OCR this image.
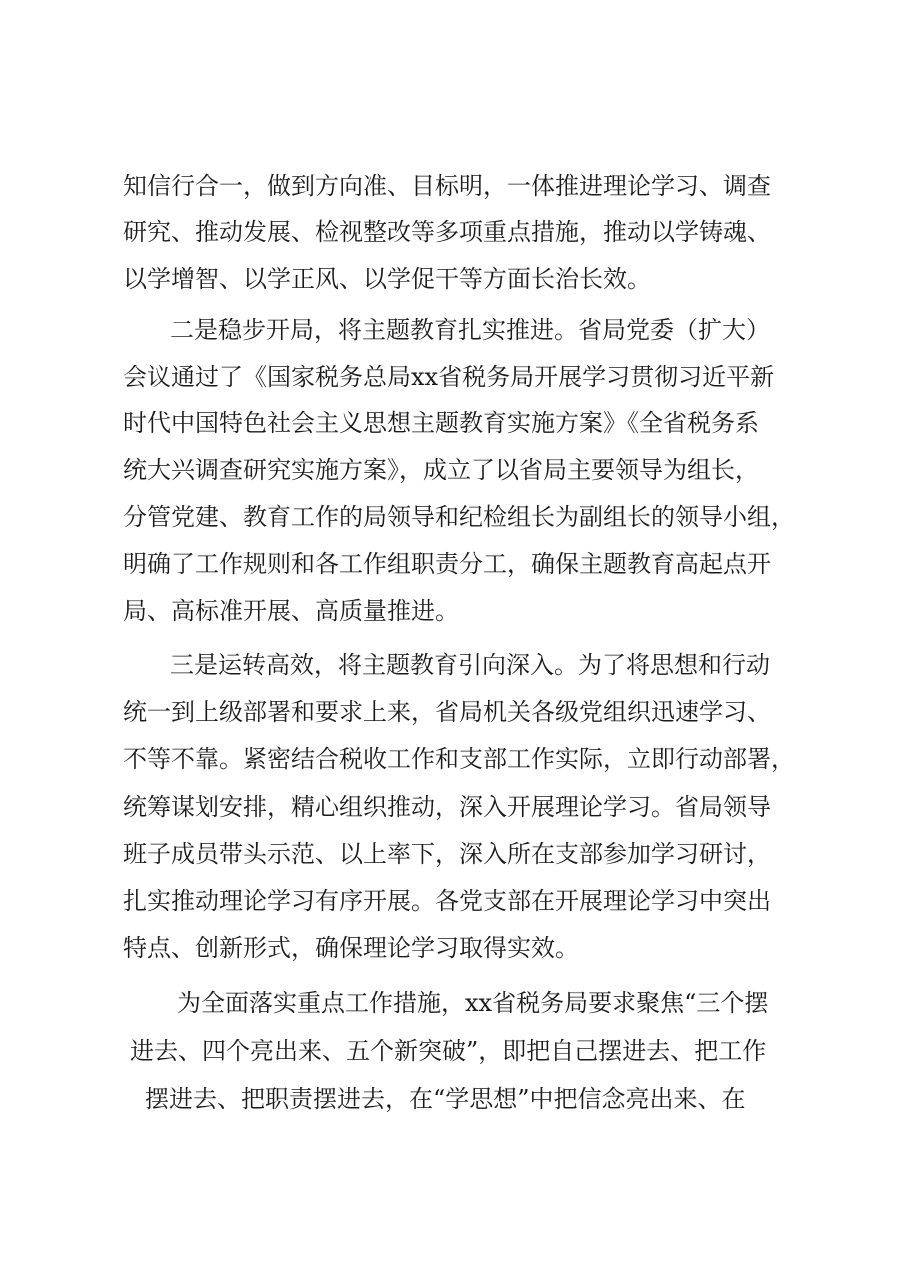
知信行合一，做到方向准、目标明，一体推进理论学习、调查
研究、推动发展、检视整改等多项重点措施，推动以学铸魂、
以学增智、以学正风、以学促干等方面长治长效。
二是稳步开局，将主题教育扎实推进。省局党委（扩大）
会议通过了《国家税务总局xx省税务局开展学习贯彻习近平新
时代中国特色社会主义思想主题教育实施方案》《全省税务系
统大兴调查研究实施方案》，成立了以省局主要领导为组长，
分管党建、教育工作的局领导和纪检组长为副组长的领导小组，
明确了工作规则和各工作组职责分工，确保主题教育高起点开
局、高标准开展、高质量推进。
三是运转高效，将主题教育引向深入。为了将思想和行动
统一到上级部署和要求上来，省局机关各级党组织迅速学习、
不等不靠。紧密结合税收工作和支部工作实际，立即行动部署，
统筹谋划安排，精心组织推动，深入开展理论学习。省局领导
班子成员带头示范、以上率下，深入所在支部参加学习研讨，
扎实推动理论学习有序开展。各党支部在开展理论学习中突出
特点、创新形式，确保理论学习取得实效。
为全面落实重点工作措施，xx省税务局要求聚焦“三个摆
进去、四个亮出来、五个新突破”，即把自己摆进去、把工作
摆进去、把职责摆进去，在“学思想”中把信念亮出来、在
